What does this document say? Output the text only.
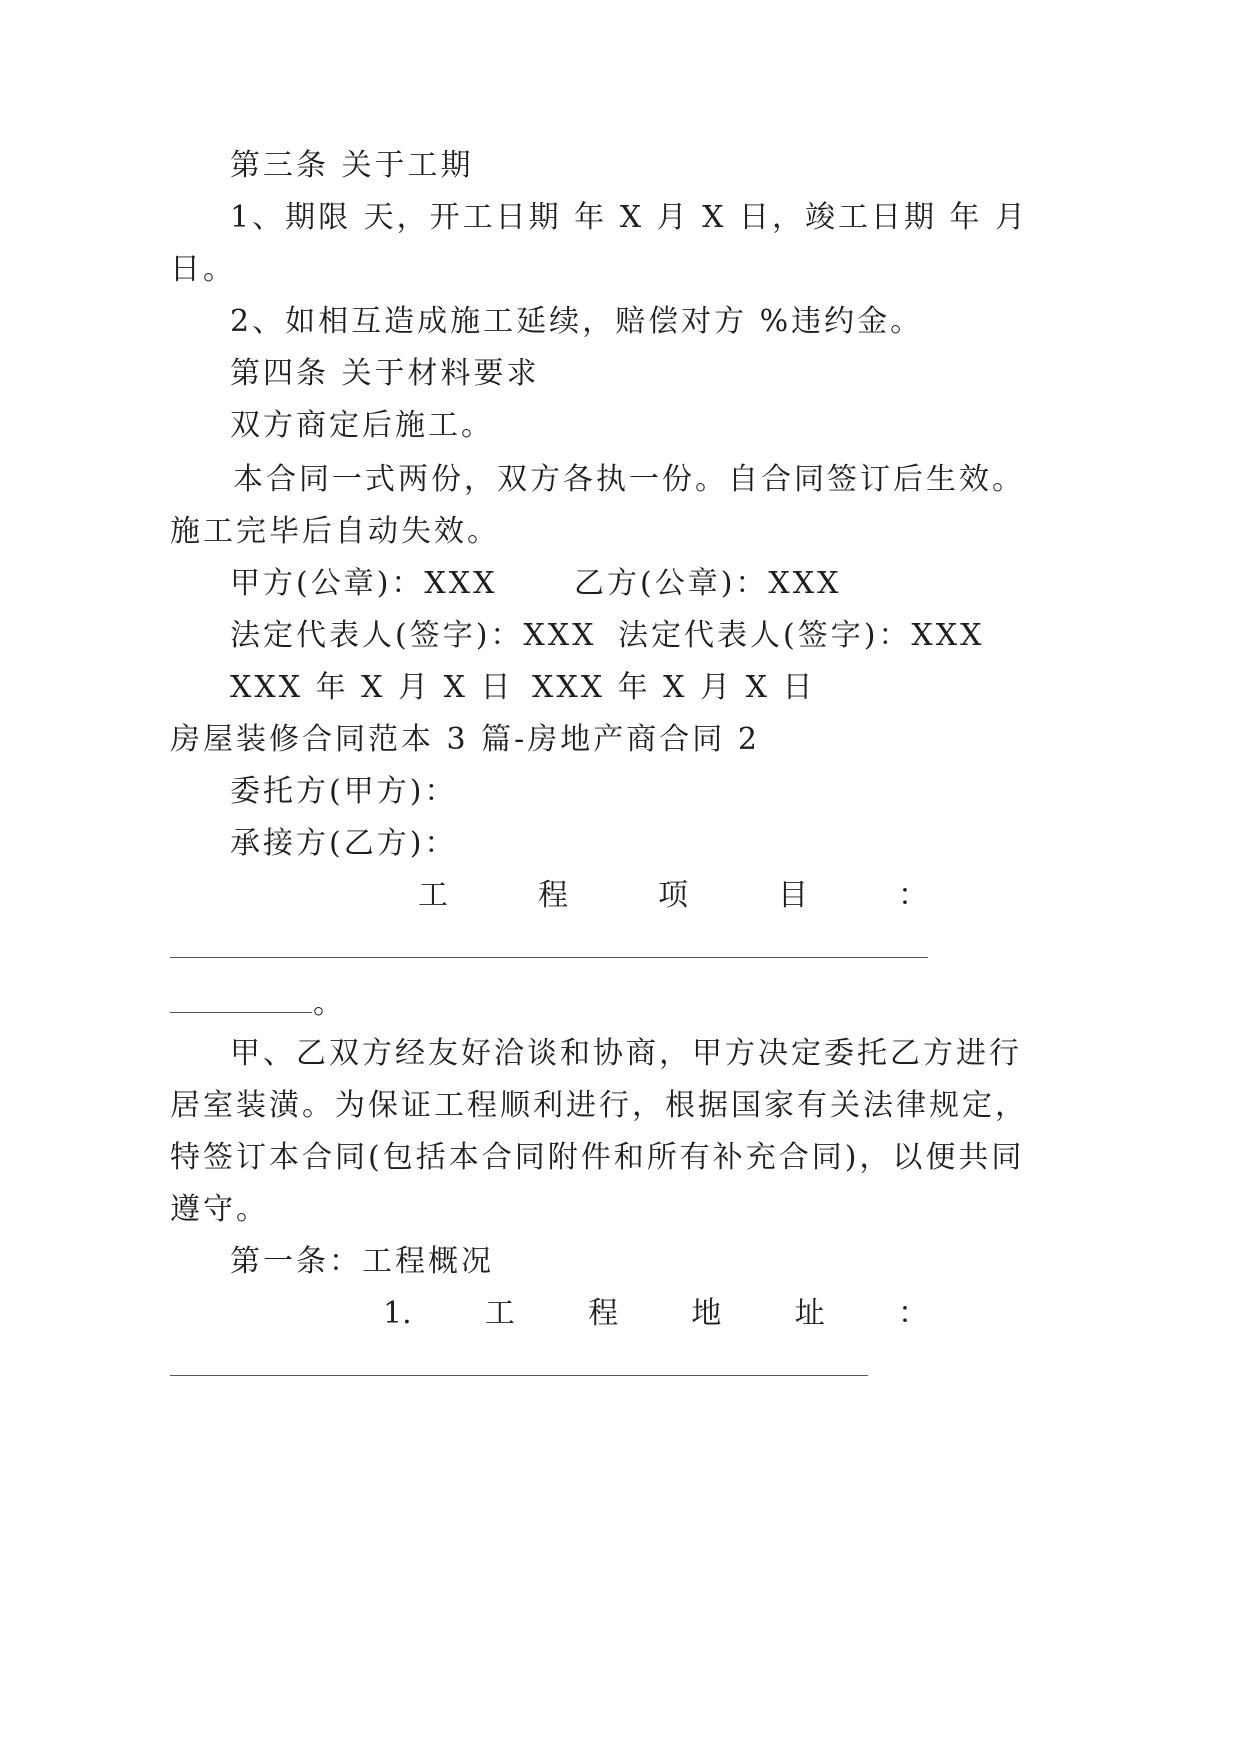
第三条 关于工期
1、期限 天，开工日期 年 X 月 X 日，竣工日期 年 月
日。
2、如相互造成施工延续，赔偿对方 %违约金。
第四条 关于材料要求
双方商定后施工。
本合同一式两份，双方各执一份。自合同签订后生效。
施工完毕后自动失效。
甲方(公章)：XXX	乙方(公章)：XXX
法定代表人(签字)：XXX 法定代表人(签字)：XXX
XXX 年 X 月 X 日 XXX 年 X 月 X 日
房屋装修合同范本 3 篇-房地产商合同 2
委托方(甲方)：
承接方(乙方)：
工	程	项	目	：
。
甲、乙双方经友好洽谈和协商，甲方决定委托乙方进行
居室装潢。为保证工程顺利进行，根据国家有关法律规定，
特签订本合同(包括本合同附件和所有补充合同)，以便共同
遵守。
第一条：工程概况
1. 工 程 地 址 ：
